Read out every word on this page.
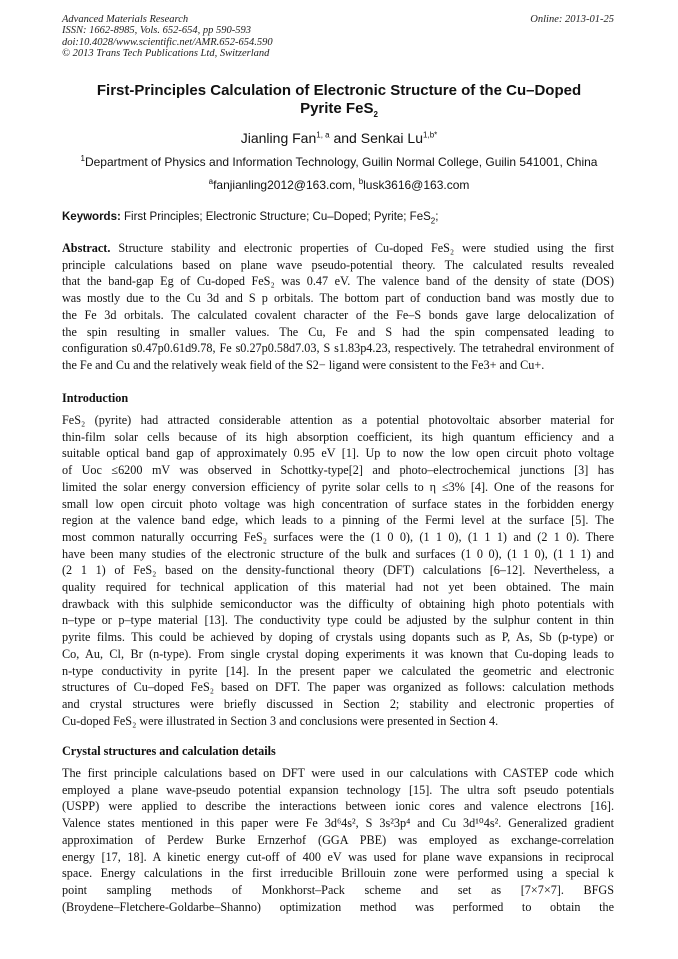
Advanced Materials Research
ISSN: 1662-8985, Vols. 652-654, pp 590-593
doi:10.4028/www.scientific.net/AMR.652-654.590
© 2013 Trans Tech Publications Ltd, Switzerland
Online: 2013-01-25
First-Principles Calculation of Electronic Structure of the Cu–Doped
Pyrite FeS$_2$
Jianling Fan$^{1, a}$ and Senkai $Lu^{1,b*}$
$^1$Department of Physics and Information Technology, Guilin Normal College, Guilin 541001, China
$^a$fanjianling2012@163.com, $^b$lusk3616@163.com
Keywords: First Principles; Electronic Structure; Cu–Doped; Pyrite; FeS$_2$;
Abstract. Structure stability and electronic properties of Cu-doped FeS₂ were studied using the first
principle calculations based on plane wave pseudo-potential theory. The calculated results revealed
that the band-gap Eg of Cu-doped FeS₂ was 0.47 eV. The valence band of the density of state (DOS)
was mostly due to the Cu 3d and S p orbitals. The bottom part of conduction band was mostly due to
the Fe 3d orbitals. The calculated covalent character of the Fe–S bonds gave large delocalization of
the spin resulting in smaller values. The Cu, Fe and S had the spin compensated leading to
configuration s0.47p0.61d9.78, Fe s0.27p0.58d7.03, S s1.83p4.23, respectively. The tetrahedral environment of
the Fe and Cu and the relatively weak field of the S2− ligand were consistent to the Fe3+ and Cu+.
Introduction
FeS₂ (pyrite) had attracted considerable attention as a potential photovoltaic absorber material for
thin-film solar cells because of its high absorption coefficient, its high quantum efficiency and a
suitable optical band gap of approximately 0.95 eV [1]. Up to now the low open circuit photo voltage
of Uoc ≤6200 mV was observed in Schottky-type[2] and photo–electrochemical junctions [3] has
limited the solar energy conversion efficiency of pyrite solar cells to η ≤3% [4]. One of the reasons for
small low open circuit photo voltage was high concentration of surface states in the forbidden energy
region at the valence band edge, which leads to a pinning of the Fermi level at the surface [5]. The
most common naturally occurring FeS₂ surfaces were the (1 0 0), (1 1 0), (1 1 1) and (2 1 0). There
have been many studies of the electronic structure of the bulk and surfaces (1 0 0), (1 1 0), (1 1 1) and
(2 1 1) of FeS₂ based on the density-functional theory (DFT) calculations [6–12]. Nevertheless, a
quality required for technical application of this material had not yet been obtained. The main
drawback with this sulphide semiconductor was the difficulty of obtaining high photo potentials with
n–type or p–type material [13]. The conductivity type could be adjusted by the sulphur content in thin
pyrite films. This could be achieved by doping of crystals using dopants such as P, As, Sb (p-type) or
Co, Au, Cl, Br (n-type). From single crystal doping experiments it was known that Cu-doping leads to
n-type conductivity in pyrite [14]. In the present paper we calculated the geometric and electronic
structures of Cu–doped FeS₂ based on DFT. The paper was organized as follows: calculation methods
and crystal structures were briefly discussed in Section 2; stability and electronic properties of
Cu-doped FeS₂ were illustrated in Section 3 and conclusions were presented in Section 4.
Crystal structures and calculation details
The first principle calculations based on DFT were used in our calculations with CASTEP code which
employed a plane wave-pseudo potential expansion technology [15]. The ultra soft pseudo potentials
(USPP) were applied to describe the interactions between ionic cores and valence electrons [16].
Valence states mentioned in this paper were Fe 3d⁶4s², S 3s²3p⁴ and Cu 3d¹⁰4s². Generalized gradient
approximation of Perdew Burke Ernzerhof (GGA PBE) was employed as exchange-correlation
energy [17, 18]. A kinetic energy cut-off of 400 eV was used for plane wave expansions in reciprocal
space. Energy calculations in the first irreducible Brillouin zone were performed using a special k
point sampling methods of Monkhorst–Pack scheme and set as [7×7×7]. BFGS
(Broydene–Fletchere-Goldarbe–Shanno) optimization method was performed to obtain the
